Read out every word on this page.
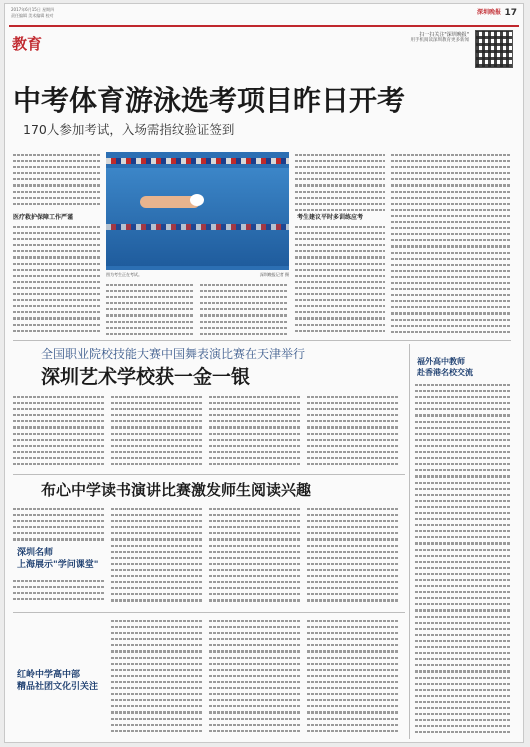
2017年6月15日 星期四
责任编辑 美术编辑 校对	深圳晚报 17
教育	扫一扫关注"深圳晚报"
用手机阅读深圳教育更多新闻
中考体育游泳选考项目昨日开考
170人参加考试，入场需指纹验证签到
医疗救护保障工作严谨
深圳晚报记者 摄
图为考生正在考试。
考生建议平时多训练应考
全国职业院校技能大赛中国舞表演比赛在天津举行
深圳艺术学校获一金一银
福外高中教师
赴香港名校交流
布心中学读书演讲比赛激发师生阅读兴趣
深圳名师
上海展示"学问课堂"
红岭中学高中部
精品社团文化引关注
